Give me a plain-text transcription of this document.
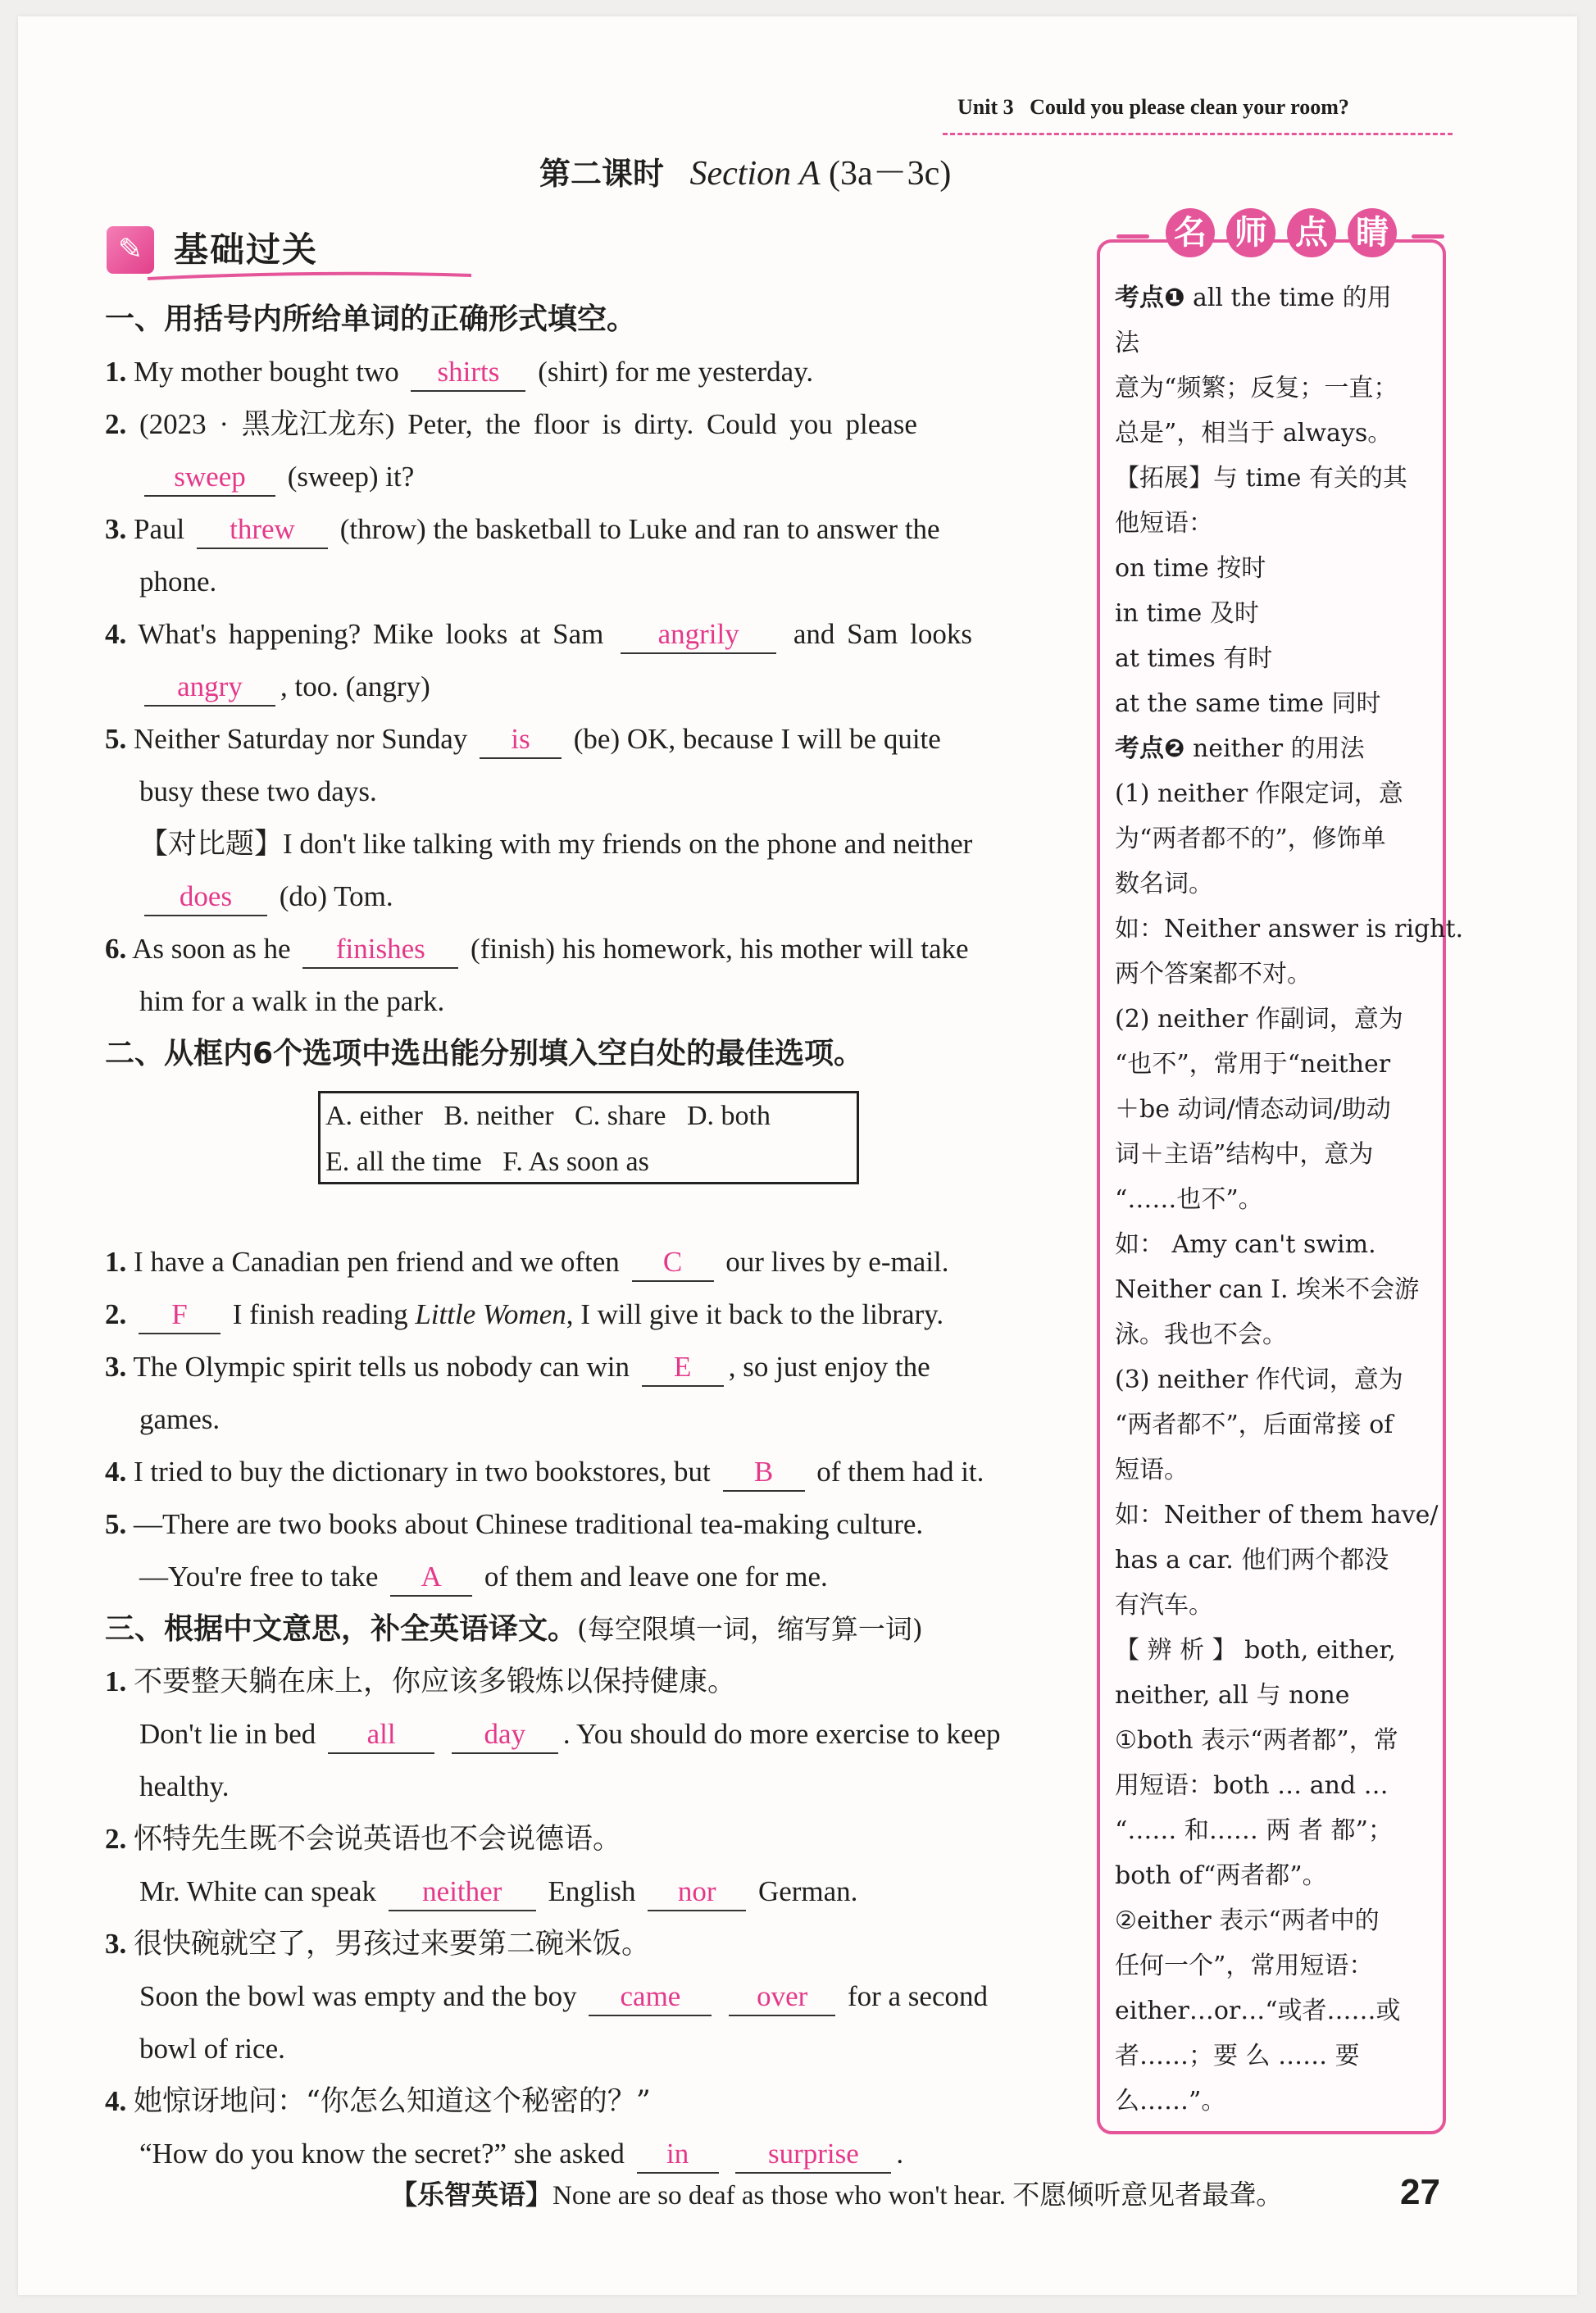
Unit 3 Could you please clean your room?
第二课时 Section A (3a－3c)
✎ 基础过关
一、用括号内所给单词的正确形式填空。
1. My mother bought two shirts (shirt) for me yesterday.
2. (2023 · 黑龙江龙东) Peter, the floor is dirty. Could you please
sweep (sweep) it?
3. Paul threw (throw) the basketball to Luke and ran to answer the
phone.
4. What's happening? Mike looks at Sam angrily and Sam looks
angry , too. (angry)
5. Neither Saturday nor Sunday is (be) OK, because I will be quite
busy these two days.
【对比题】I don't like talking with my friends on the phone and neither
does (do) Tom.
6. As soon as he finishes (finish) his homework, his mother will take
him for a walk in the park.
二、从框内6个选项中选出能分别填入空白处的最佳选项。
1. I have a Canadian pen friend and we often C our lives by e-mail.
2. F I finish reading Little Women, I will give it back to the library.
3. The Olympic spirit tells us nobody can win E , so just enjoy the
games.
4. I tried to buy the dictionary in two bookstores, but B of them had it.
5. —There are two books about Chinese traditional tea-making culture.
—You're free to take A of them and leave one for me.
三、根据中文意思，补全英语译文。(每空限填一词，缩写算一词)
1. 不要整天躺在床上，你应该多锻炼以保持健康。
Don't lie in bed all	day . You should do more exercise to keep
healthy.
2. 怀特先生既不会说英语也不会说德语。
Mr. White can speak neither English nor German.
3. 很快碗就空了，男孩过来要第二碗米饭。
Soon the bowl was empty and the boy came	over for a second
bowl of rice.
4. 她惊讶地问：“你怎么知道这个秘密的？”
“How do you know the secret?” she asked in	surprise .
A. either   B. neither   C. share   D. both
E. all the time   F. As soon as
名 师 点 睛
考点❶ all the time 的用
法
意为“频繁；反复；一直；
总是”，相当于 always。
【拓展】与 time 有关的其
他短语：
on time 按时
in time 及时
at times 有时
at the same time 同时
考点❷ neither 的用法
(1) neither 作限定词，意
为“两者都不的”，修饰单
数名词。
如：Neither answer is right.
两个答案都不对。
(2) neither 作副词，意为
“也不”，常用于“neither
＋be 动词/情态动词/助动
词＋主语”结构中，意为
“……也不”。
如： Amy can't swim.
Neither can I. 埃米不会游
泳。我也不会。
(3) neither 作代词，意为
“两者都不”，后面常接 of
短语。
如：Neither of them have/
has a car. 他们两个都没
有汽车。
【 辨 析 】 both, either,
neither, all 与 none
①both 表示“两者都”，常
用短语：both … and …
“…… 和…… 两 者 都”；
both of“两者都”。
②either 表示“两者中的
任何一个”，常用短语：
either…or…“或者……或
者……；要 么 …… 要
么……”。
【乐智英语】None are so deaf as those who won't hear. 不愿倾听意见者最聋。	27
